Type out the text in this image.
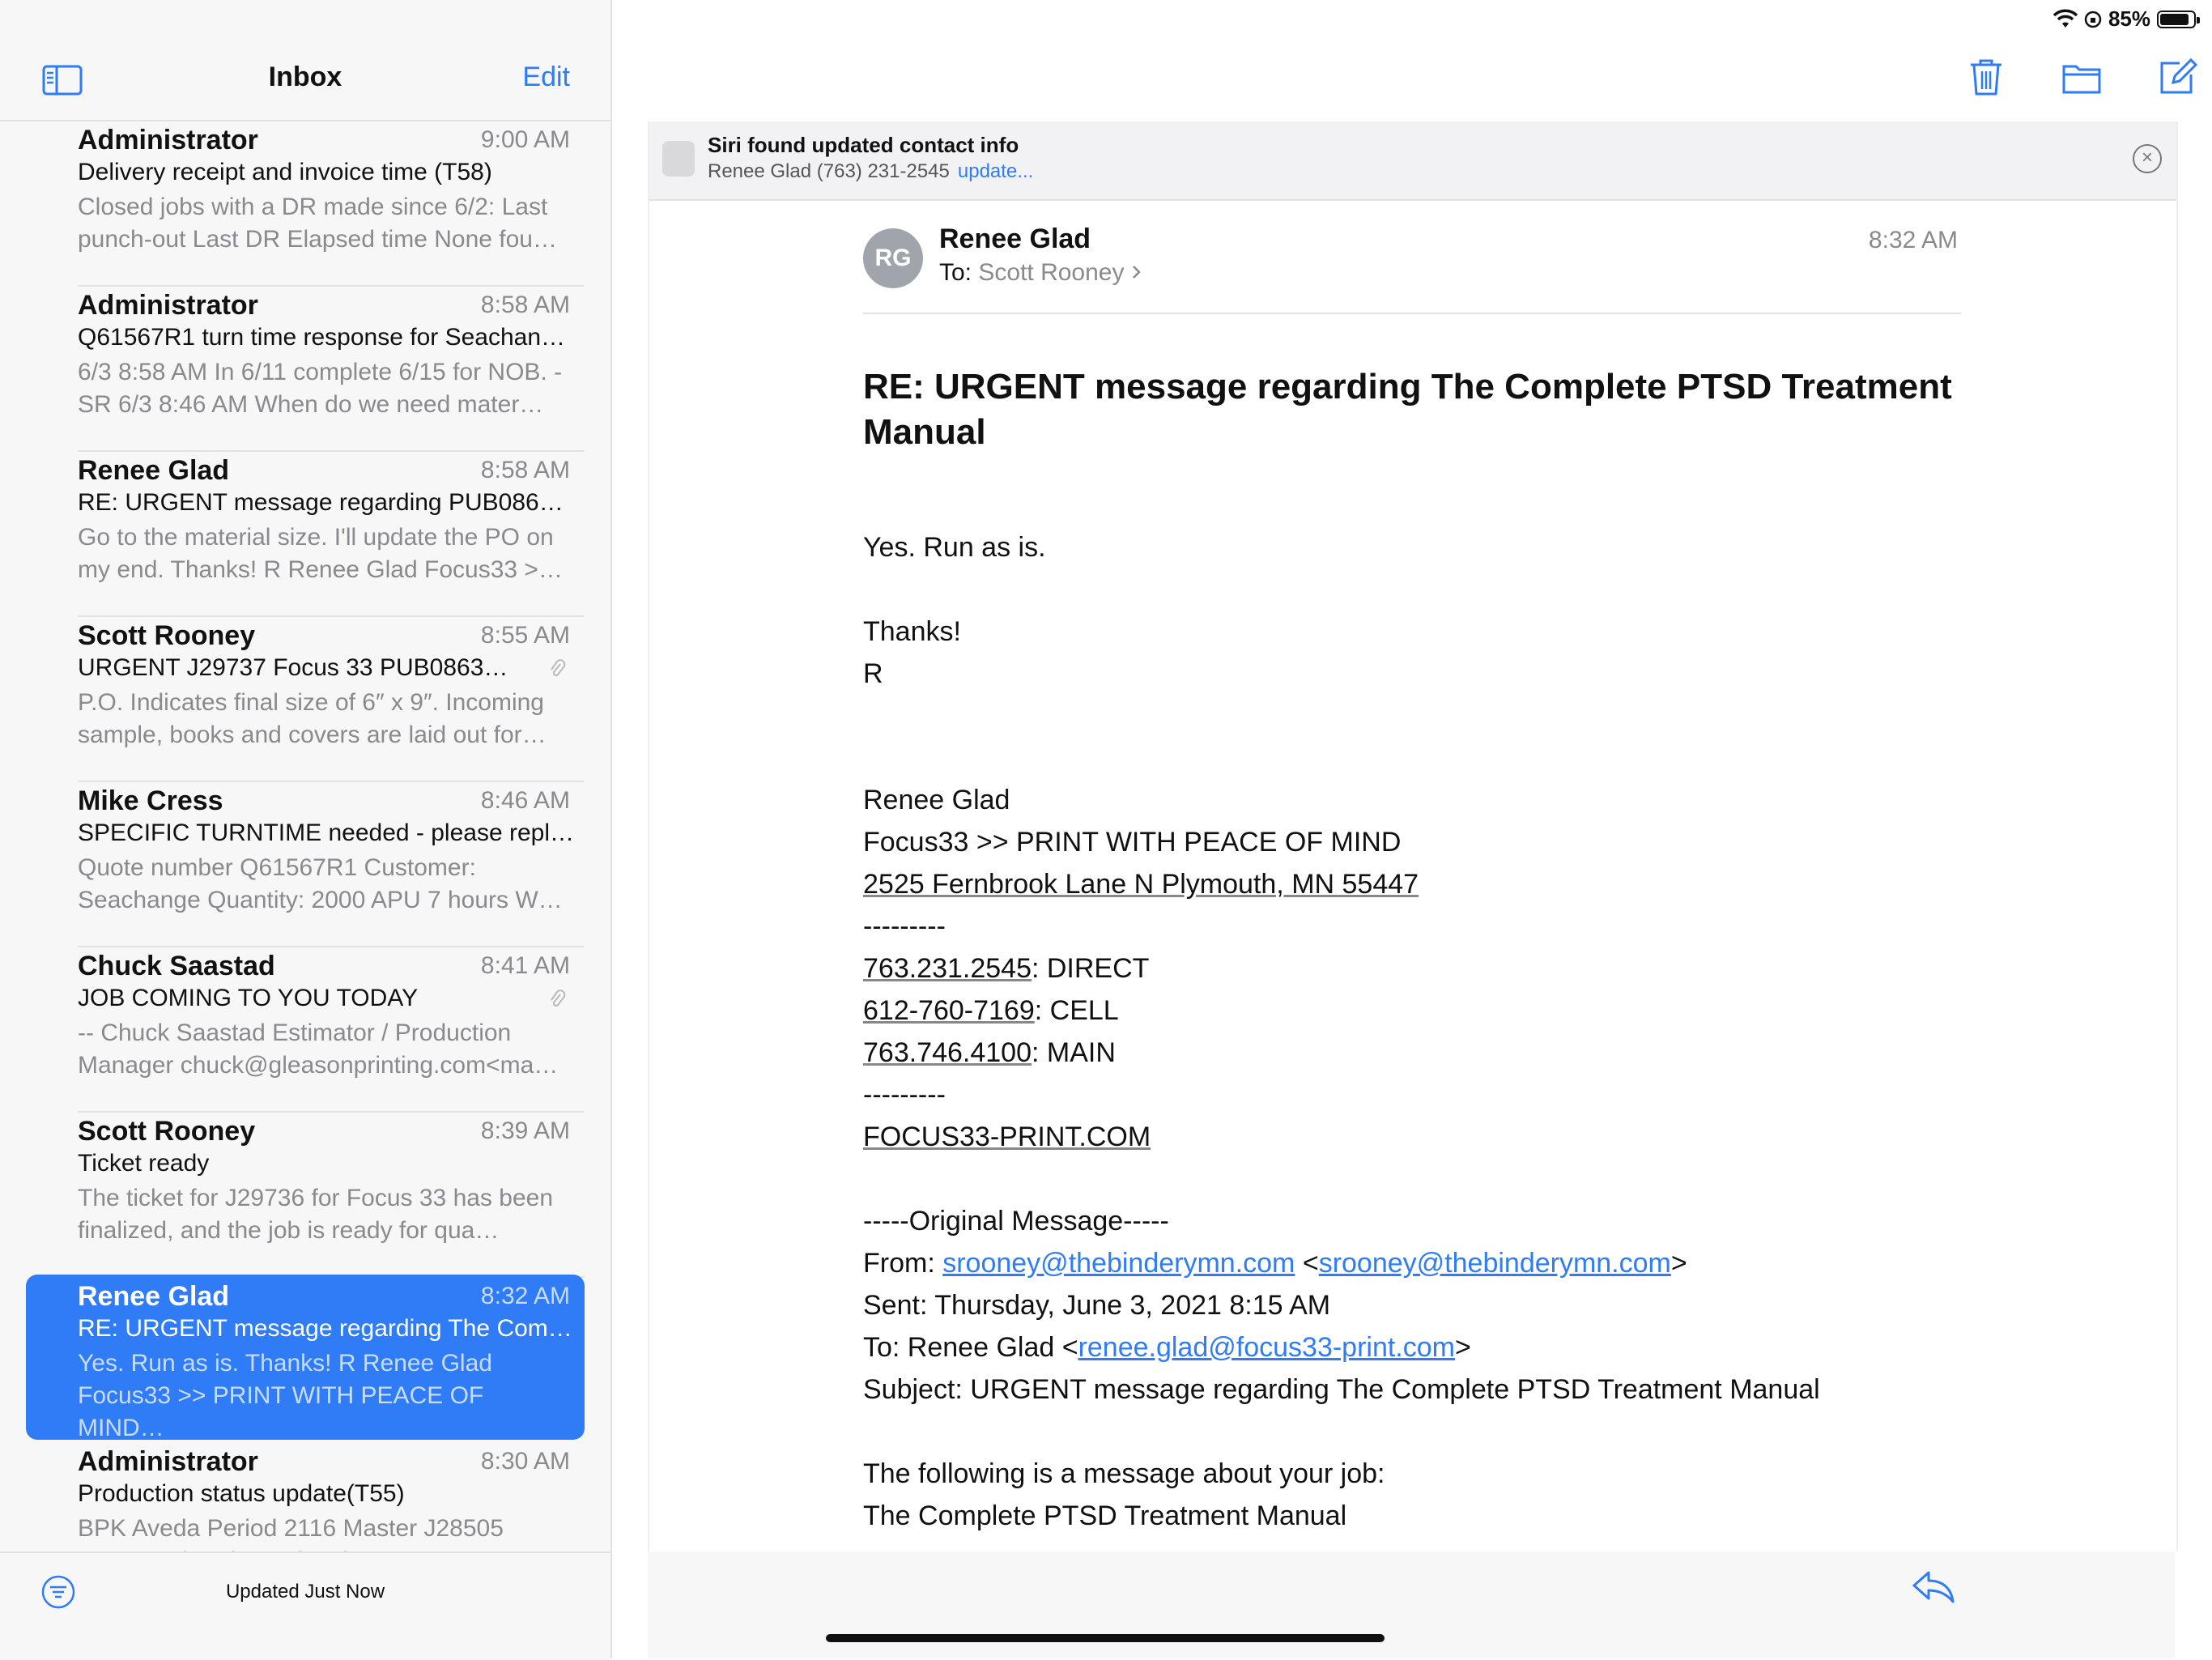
85%
Inbox	Edit
Administrator	9:00 AM
Delivery receipt and invoice time (T58)
Closed jobs with a DR made since 6/2: Last punch-out Last DR Elapsed time None fou…
Administrator	8:58 AM
Q61567R1 turn time response for Seachan…
6/3 8:58 AM In 6/11 complete 6/15 for NOB. - SR 6/3 8:46 AM When do we need mater…
Renee Glad	8:58 AM
RE: URGENT message regarding PUB086…
Go to the material size. I'll update the PO on my end. Thanks! R Renee Glad Focus33 >…
Scott Rooney	8:55 AM
URGENT J29737 Focus 33 PUB0863…
P.O. Indicates final size of 6″ x 9″. Incoming sample, books and covers are laid out for…
Mike Cress	8:46 AM
SPECIFIC TURNTIME needed - please repl…
Quote number Q61567R1 Customer: Seachange Quantity: 2000 APU 7 hours W…
Chuck Saastad	8:41 AM
JOB COMING TO YOU TODAY
-- Chuck Saastad Estimator / Production Manager chuck@gleasonprinting.com<ma…
Scott Rooney	8:39 AM
Ticket ready
The ticket for J29736 for Focus 33 has been finalized, and the job is ready for qua…
Renee Glad	8:32 AM
RE: URGENT message regarding The Com…
Yes. Run as is. Thanks! R Renee Glad Focus33 >> PRINT WITH PEACE OF MIND…
Administrator	8:30 AM
Production status update(T55)
BPK Aveda Period 2116 Master J28505
Updated Just Now
Siri found updated contact info
Renee Glad (763) 231-2545 update...
×
RG
Renee Glad
To: Scott Rooney
8:32 AM
RE: URGENT message regarding The Complete PTSD Treatment Manual
Yes. Run as is.
Thanks!
R
Renee Glad
Focus33 >> PRINT WITH PEACE OF MIND
2525 Fernbrook Lane N Plymouth, MN 55447
---------
763.231.2545: DIRECT
612-760-7169: CELL
763.746.4100: MAIN
---------
FOCUS33-PRINT.COM
-----Original Message-----
From: srooney@thebinderymn.com <srooney@thebinderymn.com>
Sent: Thursday, June 3, 2021 8:15 AM
To: Renee Glad <renee.glad@focus33-print.com>
Subject: URGENT message regarding The Complete PTSD Treatment Manual
The following is a message about your job:
The Complete PTSD Treatment Manual
